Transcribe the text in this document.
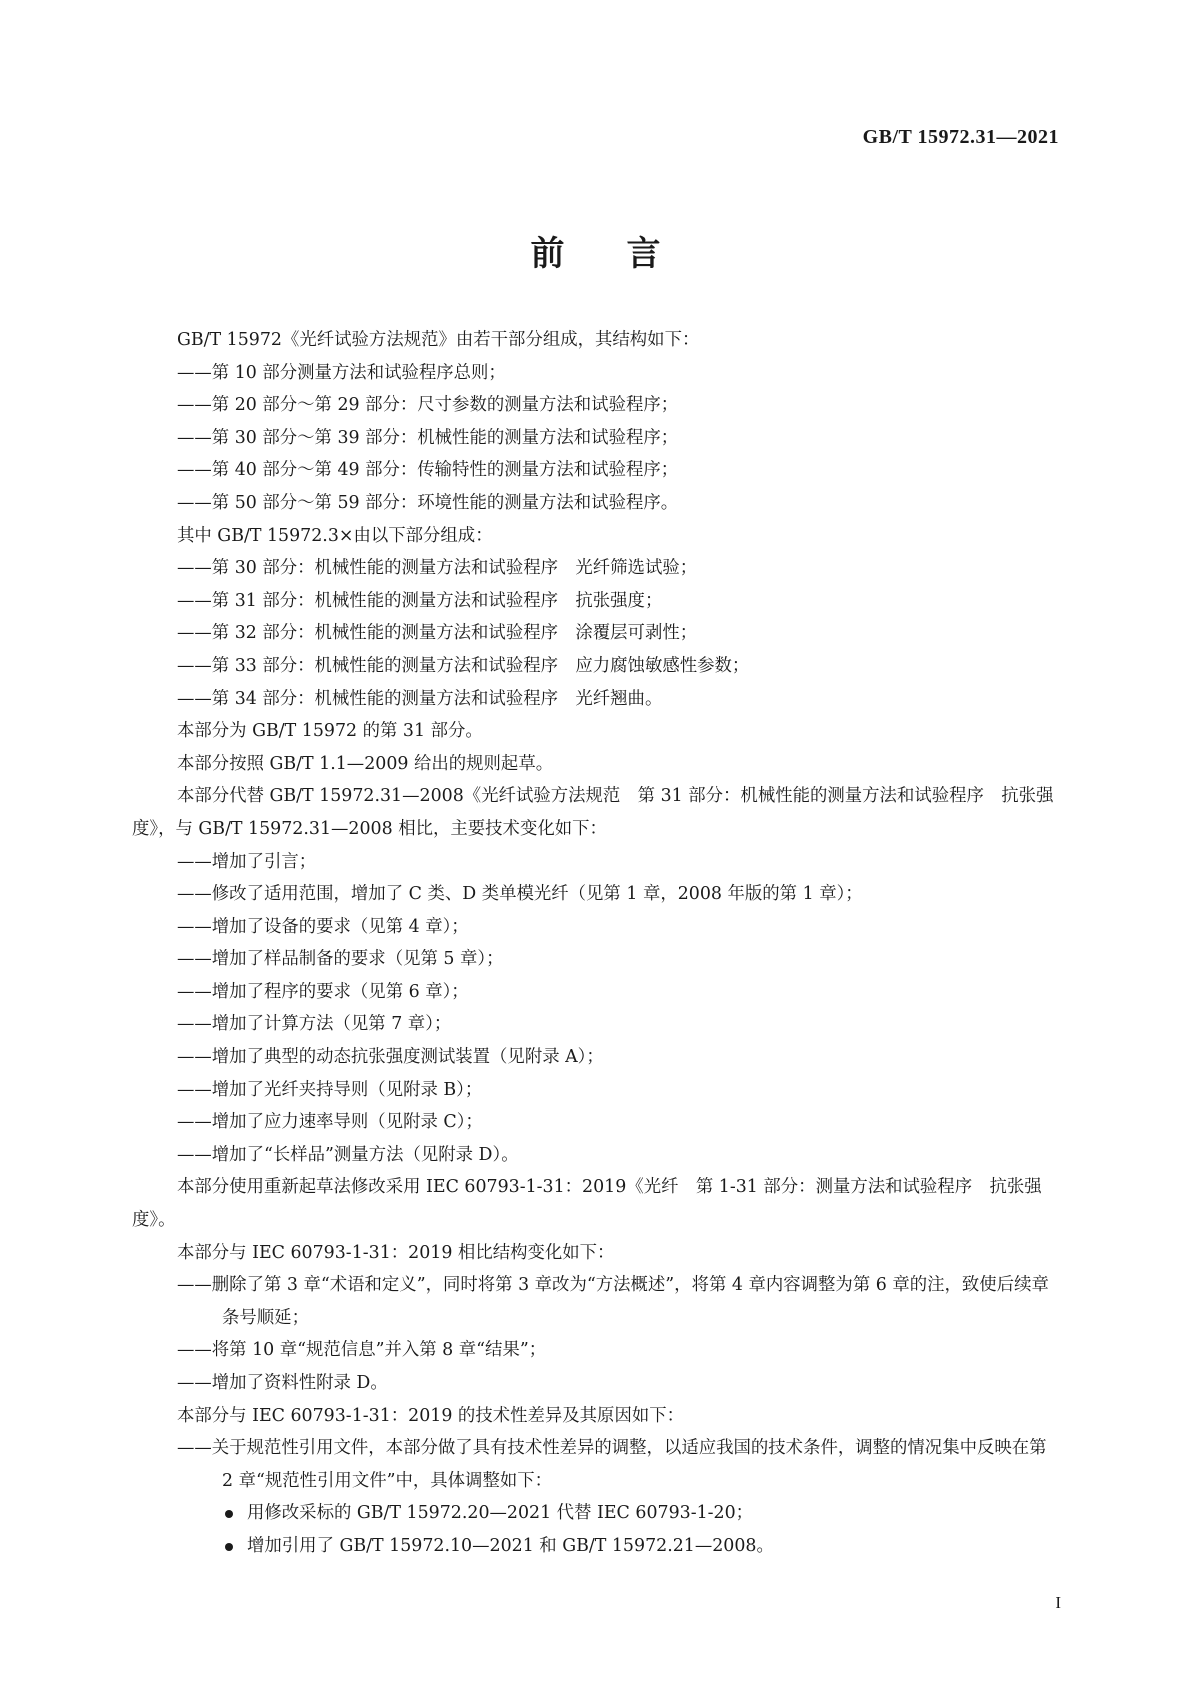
GB/T 15972.31—2021
前 言

GB/T 15972《光纤试验方法规范》由若干部分组成，其结构如下：

——第 10 部分测量方法和试验程序总则；

——第 20 部分～第 29 部分：尺寸参数的测量方法和试验程序；

——第 30 部分～第 39 部分：机械性能的测量方法和试验程序；

——第 40 部分～第 49 部分：传输特性的测量方法和试验程序；

——第 50 部分～第 59 部分：环境性能的测量方法和试验程序。

其中 GB/T 15972.3×由以下部分组成：

——第 30 部分：机械性能的测量方法和试验程序　光纤筛选试验；

——第 31 部分：机械性能的测量方法和试验程序　抗张强度；

——第 32 部分：机械性能的测量方法和试验程序　涂覆层可剥性；

——第 33 部分：机械性能的测量方法和试验程序　应力腐蚀敏感性参数；

——第 34 部分：机械性能的测量方法和试验程序　光纤翘曲。

本部分为 GB/T 15972 的第 31 部分。

本部分按照 GB/T 1.1—2009 给出的规则起草。

本部分代替 GB/T 15972.31—2008《光纤试验方法规范　第 31 部分：机械性能的测量方法和试验程序　抗张强度》，与 GB/T 15972.31—2008 相比，主要技术变化如下：

——增加了引言；

——修改了适用范围，增加了 C 类、D 类单模光纤（见第 1 章，2008 年版的第 1 章）；

——增加了设备的要求（见第 4 章）；

——增加了样品制备的要求（见第 5 章）；

——增加了程序的要求（见第 6 章）；

——增加了计算方法（见第 7 章）；

——增加了典型的动态抗张强度测试装置（见附录 A）；

——增加了光纤夹持导则（见附录 B）；

——增加了应力速率导则（见附录 C）；

——增加了“长样品”测量方法（见附录 D）。

本部分使用重新起草法修改采用 IEC 60793-1-31：2019《光纤　第 1-31 部分：测量方法和试验程序　抗张强度》。

本部分与 IEC 60793-1-31：2019 相比结构变化如下：

——删除了第 3 章“术语和定义”，同时将第 3 章改为“方法概述”，将第 4 章内容调整为第 6 章的注，致使后续章条号顺延；

——将第 10 章“规范信息”并入第 8 章“结果”；

——增加了资料性附录 D。

本部分与 IEC 60793-1-31：2019 的技术性差异及其原因如下：

——关于规范性引用文件，本部分做了具有技术性差异的调整，以适应我国的技术条件，调整的情况集中反映在第 2 章“规范性引用文件”中，具体调整如下：

用修改采标的 GB/T 15972.20—2021 代替 IEC 60793-1-20；

增加引用了 GB/T 15972.10—2021 和 GB/T 15972.21—2008。

I
